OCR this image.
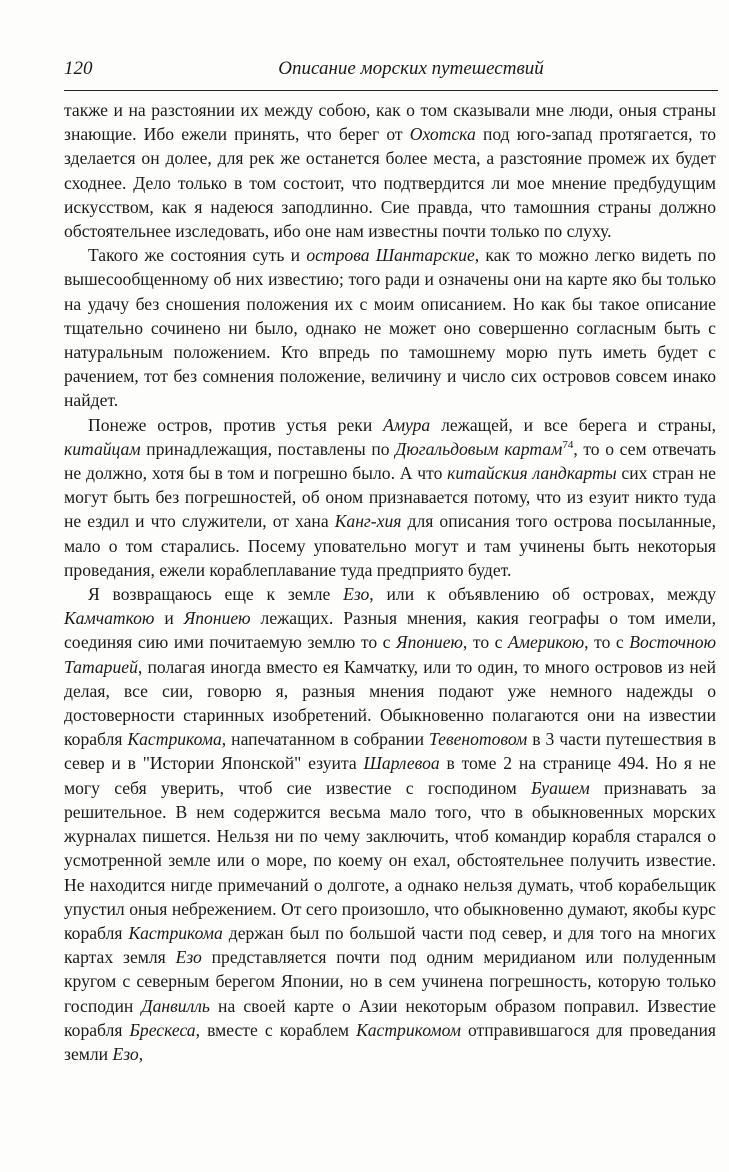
120	Описание морских путешествий

также и на разстоянии их между собою, как о том сказывали мне люди, оныя страны знающие. Ибо ежели принять, что берег от Охотска под юго-запад протягается, то зделается он долее, для рек же останется более места, а разстояние промеж их будет сходнее. Дело только в том состоит, что подтвердится ли мое мнение предбудущим искусством, как я надеюся заподлинно. Сие правда, что тамошния страны должно обстоятельнее изследовать, ибо оне нам известны почти только по слуху.

Такого же состояния суть и острова Шантарские, как то можно легко видеть по вышесообщенному об них известию; того ради и означены они на карте яко бы только на удачу без сношения положения их с моим описанием. Но как бы такое описание тщательно сочинено ни было, однако не может оно совершенно согласным быть с натуральным положением. Кто впредь по тамошнему морю путь иметь будет с рачением, тот без сомнения положение, величину и число сих островов совсем инако найдет.

Понеже остров, против устья реки Амура лежащей, и все берега и страны, китайцам принадлежащия, поставлены по Дюгальдовым картам$^{74}$, то о сем отвечать не должно, хотя бы в том и погрешно было. А что китайския ландкарты сих стран не могут быть без погрешностей, об оном признавается потому, что из езуит никто туда не ездил и что служители, от хана Канг-хия для описания того острова посыланные, мало о том старались. Посему уповательно могут и там учинены быть некоторыя проведания, ежели кораблеплавание туда предприято будет.

Я возвращаюсь еще к земле Езо, или к объявлению об островах, между Камчаткою и Япониею лежащих. Разныя мнения, какия географы о том имели, соединяя сию ими почитаемую землю то с Япониею, то с Америкою, то с Восточною Татарией, полагая иногда вместо ея Камчатку, или то один, то много островов из ней делая, все сии, говорю я, разныя мнения подают уже немного надежды о достоверности старинных изобретений. Обыкновенно полагаются они на известии корабля Кастрикома, напечатанном в собрании Тевенотовом в 3 части путешествия в север и в "Истории Японской" езуита Шарлевоа в томе 2 на странице 494. Но я не могу себя уверить, чтоб сие известие с господином Буашем признавать за решительное. В нем содержится весьма мало того, что в обыкновенных морских журналах пишется. Нельзя ни по чему заключить, чтоб командир корабля старался о усмотренной земле или о море, по коему он ехал, обстоятельнее получить известие. Не находится нигде примечаний о долготе, а однако нельзя думать, чтоб корабельщик упустил оныя небрежением. От сего произошло, что обыкновенно думают, якобы курс корабля Кастрикома держан был по большой части под север, и для того на многих картах земля Езо представляется почти под одним меридианом или полуденным кругом с северным берегом Японии, но в сем учинена погрешность, которую только господин Данвилль на своей карте о Азии некоторым образом поправил. Известие корабля Брескеса, вместе с кораблем Кастрикомом отправившагося для проведания земли Езо,
